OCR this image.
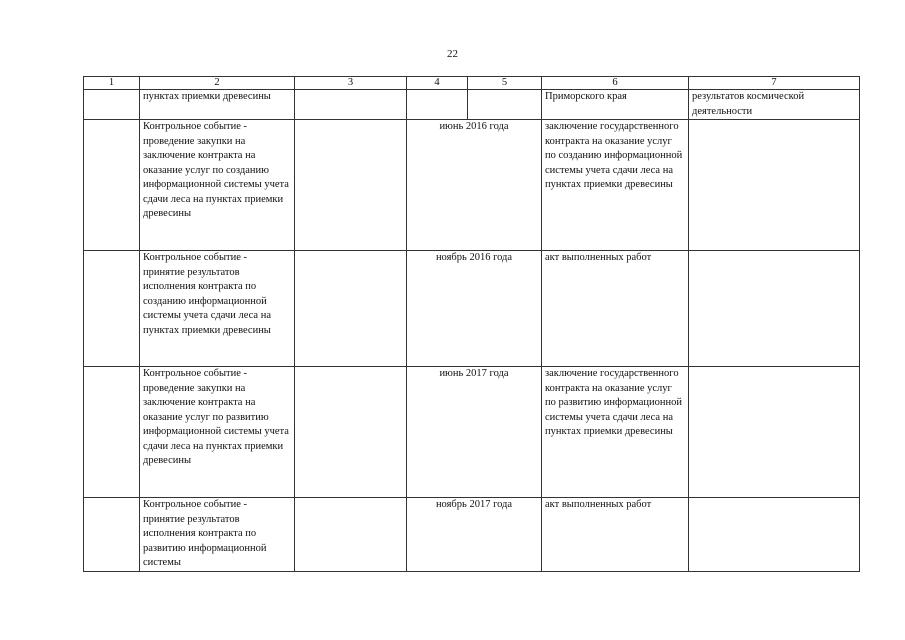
22
1	2	3	4	5	6	7
	пунктах приемки древесины				Приморского края	результатов космической деятельности
	Контрольное событие - проведение закупки на заключение контракта на оказание услуг по созданию информационной системы учета сдачи леса на пунктах приемки древесины		июнь 2016 года		заключение государственного контракта на оказание услуг по созданию информационной системы учета сдачи леса на пунктах приемки древесины	
	Контрольное событие - принятие результатов исполнения контракта по созданию информационной системы учета сдачи леса на пунктах приемки древесины		ноябрь 2016 года		акт выполненных работ	
	Контрольное событие - проведение закупки на заключение контракта на оказание услуг по развитию информационной системы учета сдачи леса на пунктах приемки древесины		июнь 2017 года		заключение государственного контракта на оказание услуг по развитию информационной системы учета сдачи леса на пунктах приемки древесины	
	Контрольное событие - принятие результатов исполнения контракта по развитию информационной системы		ноябрь 2017 года		акт выполненных работ	
